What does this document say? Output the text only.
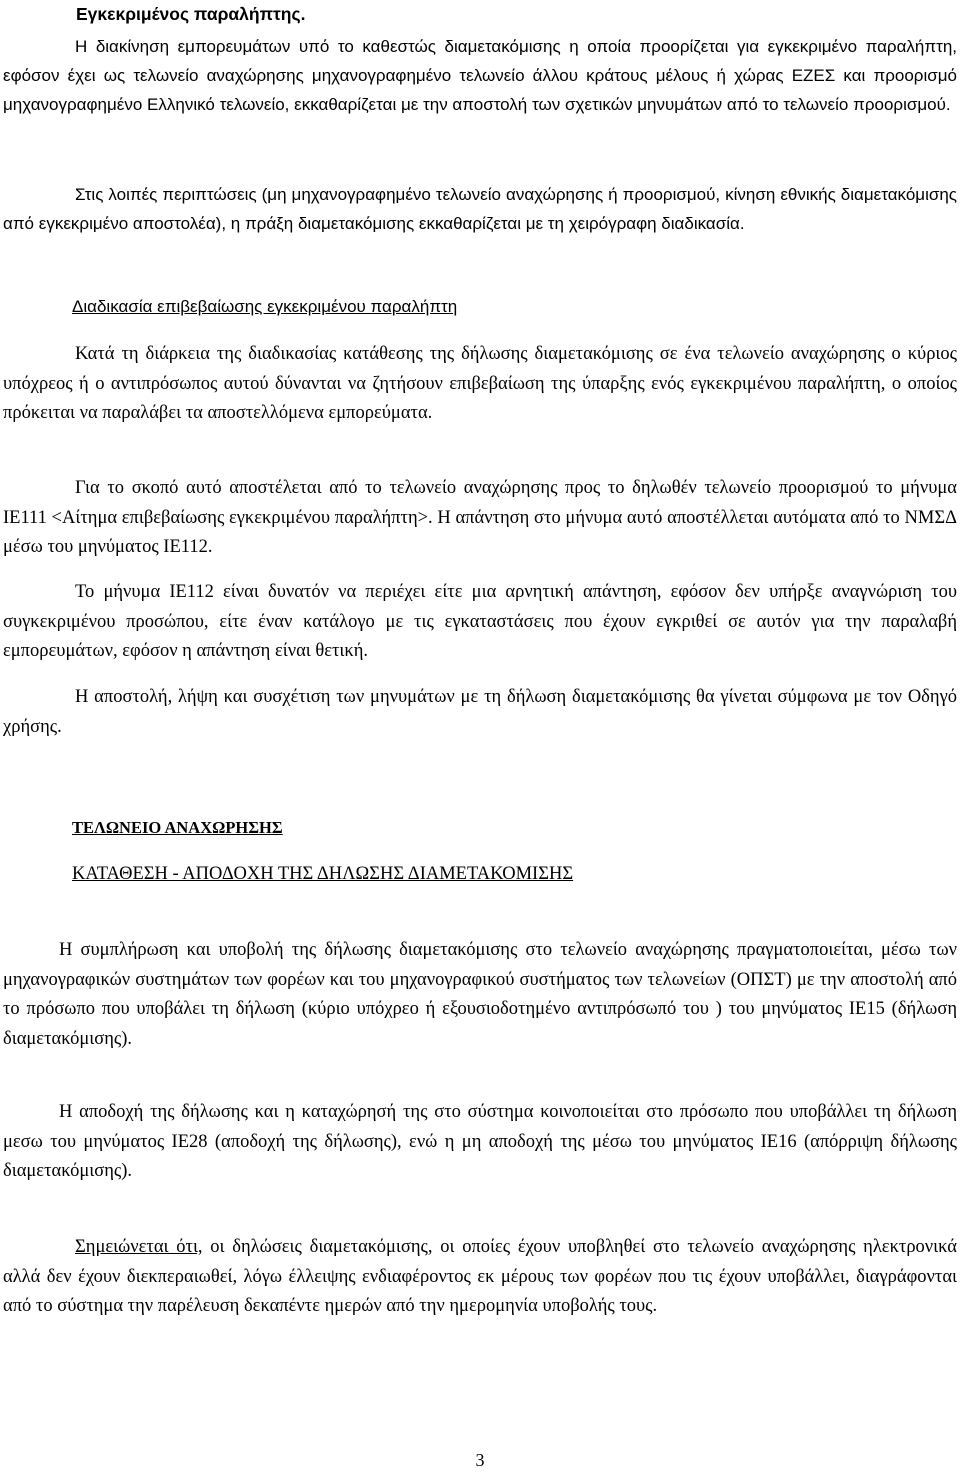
Εγκεκριμένος παραλήπτης.

Η διακίνηση εμπορευμάτων υπό το καθεστώς διαμετακόμισης η οποία προορίζεται για εγκεκριμένο παραλήπτη, εφόσον έχει ως τελωνείο αναχώρησης μηχανογραφημένο τελωνείο άλλου κράτους μέλους ή χώρας ΕΖΕΣ και προορισμό μηχανογραφημένο Ελληνικό τελωνείο, εκκαθαρίζεται με την αποστολή των σχετικών μηνυμάτων από το τελωνείο προορισμού.

Στις λοιπές περιπτώσεις (μη μηχανογραφημένο τελωνείο αναχώρησης ή προορισμού, κίνηση εθνικής διαμετακόμισης από εγκεκριμένο αποστολέα), η πράξη διαμετακόμισης εκκαθαρίζεται με τη χειρόγραφη διαδικασία.

Διαδικασία επιβεβαίωσης εγκεκριμένου παραλήπτη

Κατά τη διάρκεια της διαδικασίας κατάθεσης της δήλωσης διαμετακόμισης σε ένα τελωνείο αναχώρησης ο κύριος υπόχρεος ή ο αντιπρόσωπος αυτού δύνανται να ζητήσουν επιβεβαίωση της ύπαρξης ενός εγκεκριμένου παραλήπτη, ο οποίος πρόκειται να παραλάβει τα αποστελλόμενα εμπορεύματα.

Για το σκοπό αυτό αποστέλεται από το τελωνείο αναχώρησης προς το δηλωθέν τελωνείο προορισμού το μήνυμα ΙΕ111 <Αίτημα επιβεβαίωσης εγκεκριμένου παραλήπτη>. Η απάντηση στο μήνυμα αυτό αποστέλλεται αυτόματα από το ΝΜΣΔ μέσω του μηνύματος ΙΕ112.

Το μήνυμα ΙΕ112 είναι δυνατόν να περιέχει είτε μια αρνητική απάντηση, εφόσον δεν υπήρξε αναγνώριση του συγκεκριμένου προσώπου, είτε έναν κατάλογο με τις εγκαταστάσεις που έχουν εγκριθεί σε αυτόν για την παραλαβή εμπορευμάτων, εφόσον η απάντηση είναι θετική.

Η αποστολή, λήψη και συσχέτιση των μηνυμάτων με τη δήλωση διαμετακόμισης θα γίνεται σύμφωνα με τον Οδηγό χρήσης.

ΤΕΛΩΝΕΙΟ ΑΝΑΧΩΡΗΣΗΣ

ΚΑΤΑΘΕΣΗ - ΑΠΟΔΟΧΗ ΤΗΣ ΔΗΛΩΣΗΣ ΔΙΑΜΕΤΑΚΟΜΙΣΗΣ

Η συμπλήρωση και υποβολή της δήλωσης διαμετακόμισης στο τελωνείο αναχώρησης πραγματοποιείται, μέσω των μηχανογραφικών συστημάτων των φορέων και του μηχανογραφικού συστήματος των τελωνείων (ΟΠΣΤ) με την αποστολή από το πρόσωπο που υποβάλει τη δήλωση (κύριο υπόχρεο ή εξουσιοδοτημένο αντιπρόσωπό του ) του μηνύματος ΙΕ15 (δήλωση διαμετακόμισης).

Η αποδοχή της δήλωσης και η καταχώρησή της στο σύστημα κοινοποιείται στο πρόσωπο που υποβάλλει τη δήλωση μεσω του μηνύματος ΙΕ28 (αποδοχή της δήλωσης), ενώ η μη αποδοχή της μέσω του μηνύματος ΙΕ16 (απόρριψη δήλωσης διαμετακόμισης).

Σημειώνεται ότι, οι δηλώσεις διαμετακόμισης, οι οποίες έχουν υποβληθεί στο τελωνείο αναχώρησης ηλεκτρονικά αλλά δεν έχουν διεκπεραιωθεί, λόγω έλλειψης ενδιαφέροντος εκ μέρους των φορέων που τις έχουν υποβάλλει, διαγράφονται από το σύστημα την παρέλευση δεκαπέντε ημερών από την ημερομηνία υποβολής τους.

3
